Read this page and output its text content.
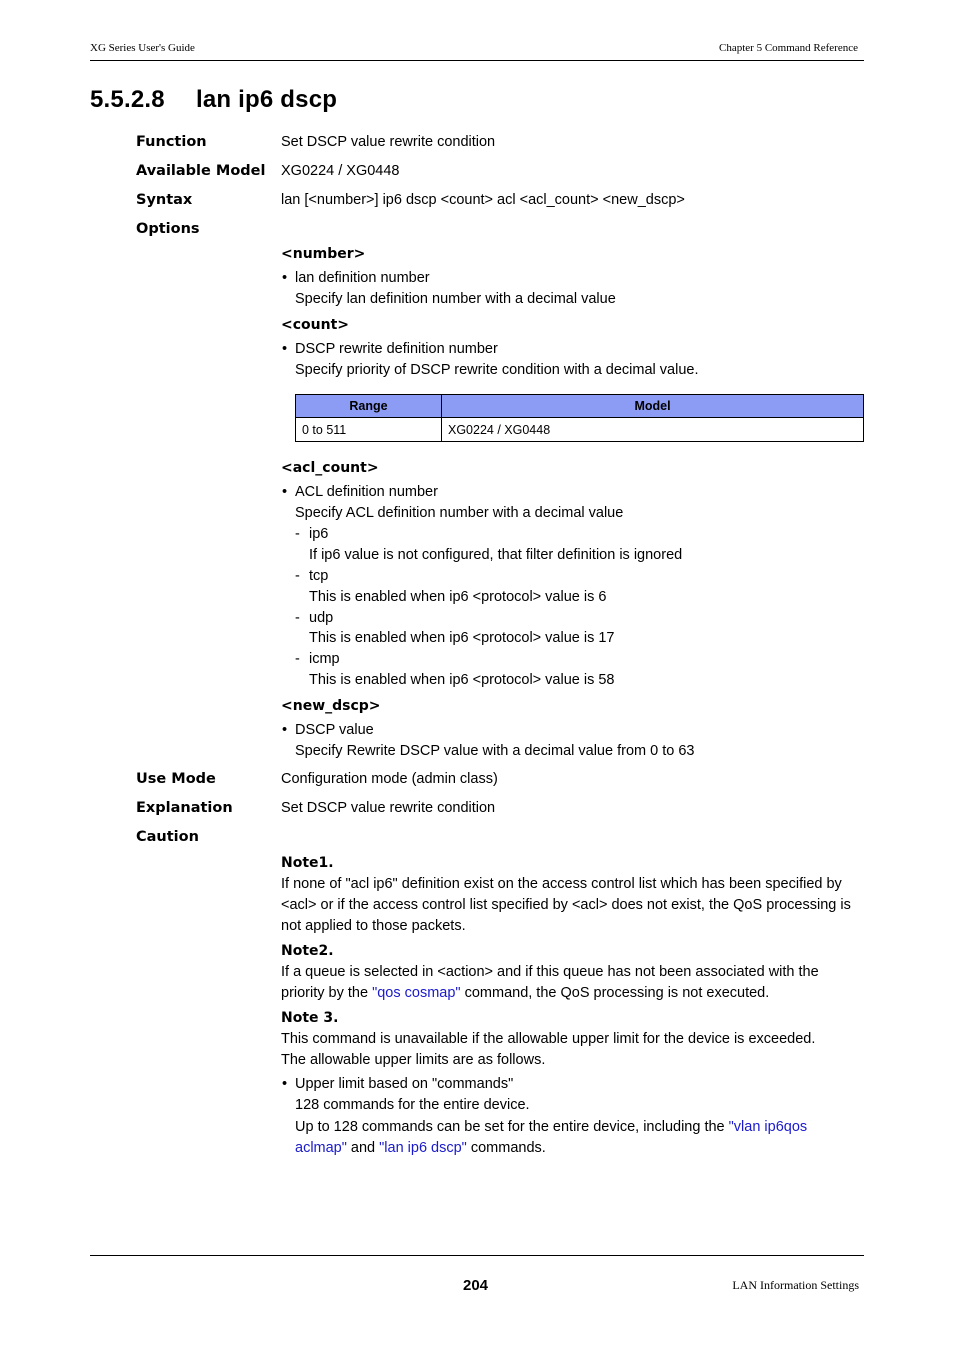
XG Series User's Guide	Chapter 5 Command Reference
5.5.2.8 lan ip6 dscp
Function	Set DSCP value rewrite condition
Available Model XG0224 / XG0448
Syntax	lan [<number>] ip6 dscp <count> acl <acl_count> <new_dscp>
Options
<number>
• lan definition number
Specify lan definition number with a decimal value
<count>
• DSCP rewrite definition number
Specify priority of DSCP rewrite condition with a decimal value.
Range	Model
0 to 511	XG0224 / XG0448
<acl_count>
• ACL definition number
Specify ACL definition number with a decimal value
- ip6
If ip6 value is not configured, that filter definition is ignored
- tcp
This is enabled when ip6 <protocol> value is 6
- udp
This is enabled when ip6 <protocol> value is 17
- icmp
This is enabled when ip6 <protocol> value is 58
<new_dscp>
• DSCP value
Specify Rewrite DSCP value with a decimal value from 0 to 63
Use Mode	Configuration mode (admin class)
Explanation	Set DSCP value rewrite condition
Caution
Note1.
If none of "acl ip6" definition exist on the access control list which has been specified by <acl> or if the access control list specified by <acl> does not exist, the QoS processing is not applied to those packets.
Note2.
If a queue is selected in <action> and if this queue has not been associated with the priority by the "qos cosmap" command, the QoS processing is not executed.
Note 3.
This command is unavailable if the allowable upper limit for the device is exceeded.
The allowable upper limits are as follows.
• Upper limit based on "commands"
128 commands for the entire device.
Up to 128 commands can be set for the entire device, including the "vlan ip6qos aclmap" and "lan ip6 dscp" commands.
204	LAN Information Settings
